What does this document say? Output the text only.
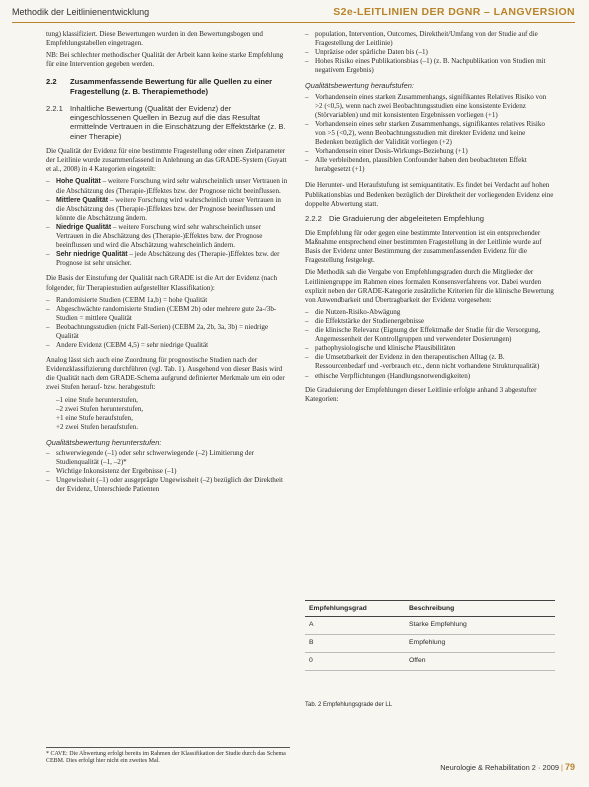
Methodik der Leitlinienentwicklung	S2e-LEITLINIEN DER DGNR – LANGVERSION

tung) klassifiziert. Diese Bewertungen wurden in den Bewertungsbogen und Empfehlungstabellen eingetragen.

NB: Bei schlechter methodischer Qualität der Arbeit kann keine starke Empfehlung für eine Intervention gegeben werden.

2.2	Zusammenfassende Bewertung für alle Quellen zu einer Fragestellung (z. B. Therapiemethode)
2.2.1 Inhaltliche Bewertung (Qualität der Evidenz) der eingeschlossenen Quellen in Bezug auf die das Resultat ermittelnde Vertrauen in die Einschätzung der Effektstärke (z. B. einer Therapie)

Die Qualität der Evidenz für eine bestimmte Fragestellung oder einen Zielparameter der Leitlinie wurde zusammenfassend in Anlehnung an das GRADE-System (Guyatt et al., 2008) in 4 Kategorien eingeteilt:

– Hohe Qualität – weitere Forschung wird sehr wahrscheinlich unser Vertrauen in die Abschätzung des (Therapie-)Effektes bzw. der Prognose nicht beeinflussen.
– Mittlere Qualität – weitere Forschung wird wahrscheinlich unser Vertrauen in die Abschätzung des (Therapie-)Effektes bzw. der Prognose beeinflussen und könnte die Abschätzung ändern.
– Niedrige Qualität – weitere Forschung wird sehr wahrscheinlich unser Vertrauen in die Abschätzung des (Therapie-)Effektes bzw. der Prognose beeinflussen und wird die Abschätzung wahrscheinlich ändern.
– Sehr niedrige Qualität – jede Abschätzung des (Therapie-)Effektes bzw. der Prognose ist sehr unsicher.

Die Basis der Einstufung der Qualität nach GRADE ist die Art der Evidenz (nach folgender, für Therapiestudien aufgestellter Klassifikation):

– Randomisierte Studien (CEBM 1a,b) = hohe Qualität
– Abgeschwächte randomisierte Studien (CEBM 2b) oder mehrere gute 2a-/3b-Studien = mittlere Qualität
– Beobachtungsstudien (nicht Fall-Serien) (CEBM 2a, 2b, 3a, 3b) = niedrige Qualität
– Andere Evidenz (CEBM 4,5) = sehr niedrige Qualität

Analog lässt sich auch eine Zuordnung für prognostische Studien nach der Evidenzklassifizierung durchführen (vgl. Tab. 1). Ausgehend von dieser Basis wird die Qualität nach dem GRADE-Schema aufgrund definierter Merkmale um ein oder zwei Stufen herauf- bzw. herabgestuft:

–1 eine Stufe herunterstufen,
–2 zwei Stufen herunterstufen,
+1 eine Stufe heraufstufen,
+2 zwei Stufen heraufstufen.
Qualitätsbewertung herunterstufen:
– schwerwiegende (–1) oder sehr schwerwiegende (–2) Limitierung der Studienqualität (–1, –2)*
– Wichtige Inkonsistenz der Ergebnisse (–1)
– Ungewissheit (–1) oder ausgeprägte Ungewissheit (–2) bezüglich der Direktheit der Evidenz, Unterschiede Patienten
* CAVE: Die Abwertung erfolgt bereits im Rahmen der Klassifikation der Studie durch das Schema CEBM. Dies erfolgt hier nicht ein zweites Mal.
– population, Intervention, Outcomes, Direktheit/Umfang von der Studie auf die Fragestellung der Leitlinie)
– Unpräzise oder spärliche Daten bis (–1)
– Hohes Risiko eines Publikationsbias (–1) (z. B. Nachpublikation von Studien mit negativem Ergebnis)
Qualitätsbewertung heraufstufen:
– Vorhandensein eines starken Zusammenhangs, signifikantes Relatives Risiko von >2 (<0,5), wenn nach zwei Beobachtungsstudien eine konsistente Evidenz (Störvariablen) und mit konsistenten Ergebnissen vorliegen (+1)
– Vorhandensein eines sehr starken Zusammenhangs, signifikantes relatives Risiko von >5 (<0,2), wenn Beobachtungsstudien mit direkter Evidenz und keine Bedenken bezüglich der Validität vorliegen (+2)
– Vorhandensein einer Dosis-Wirkungs-Beziehung (+1)
– Alle verbleibenden, plausiblen Confounder haben den beobachteten Effekt herabgesetzt (+1)

Die Herunter- und Heraufstufung ist semiquantitativ. Es findet bei Verdacht auf hohen Publikationsbias und Bedenken bezüglich der Direktheit der vorliegenden Evidenz eine doppelte Abwertung statt.

2.2.2 Die Graduierung der abgeleiteten Empfehlung

Die Empfehlung für oder gegen eine bestimmte Intervention ist ein entsprechender Maßnahme entsprechend einer bestimmten Fragestellung in der Leitlinie wurde auf Basis der Evidenz unter Bestimmung der zusammenfassenden Evidenz für die Fragestellung festgelegt.

Die Methodik sah die Vergabe von Empfehlungsgraden durch die Mitglieder der Leitliniengruppe im Rahmen eines formalen Konsensverfahrens vor. Dabei wurden explizit neben der GRADE-Kategorie zusätzliche Kriterien für die klinische Bewertung von Anwendbarkeit und Übertragbarkeit der Evidenz vorgesehen:

– die Nutzen-Risiko-Abwägung
– die Effektstärke der Studienergebnisse
– die klinische Relevanz (Eignung der Effektmaße der Studie für die Versorgung, Angemessenheit der Kontrollgruppen und verwendeter Dosierungen)
– pathophysiologische und klinische Plausibilitäten
– die Umsetzbarkeit der Evidenz in den therapeutischen Alltag (z. B. Ressourcenbedarf und -verbrauch etc., denn nicht vorhandene Strukturqualität)
– ethische Verpflichtungen (Handlungsnotwendigkeiten)

Die Graduierung der Empfehlungen dieser Leitlinie erfolgte anhand 3 abgestufter Kategorien:

Empfehlungsgrad	Beschreibung
A	Starke Empfehlung
B	Empfehlung
0	Offen
Tab. 2 Empfehlungsgrade der LL
Neurologie & Rehabilitation 2 · 2009 | 79
